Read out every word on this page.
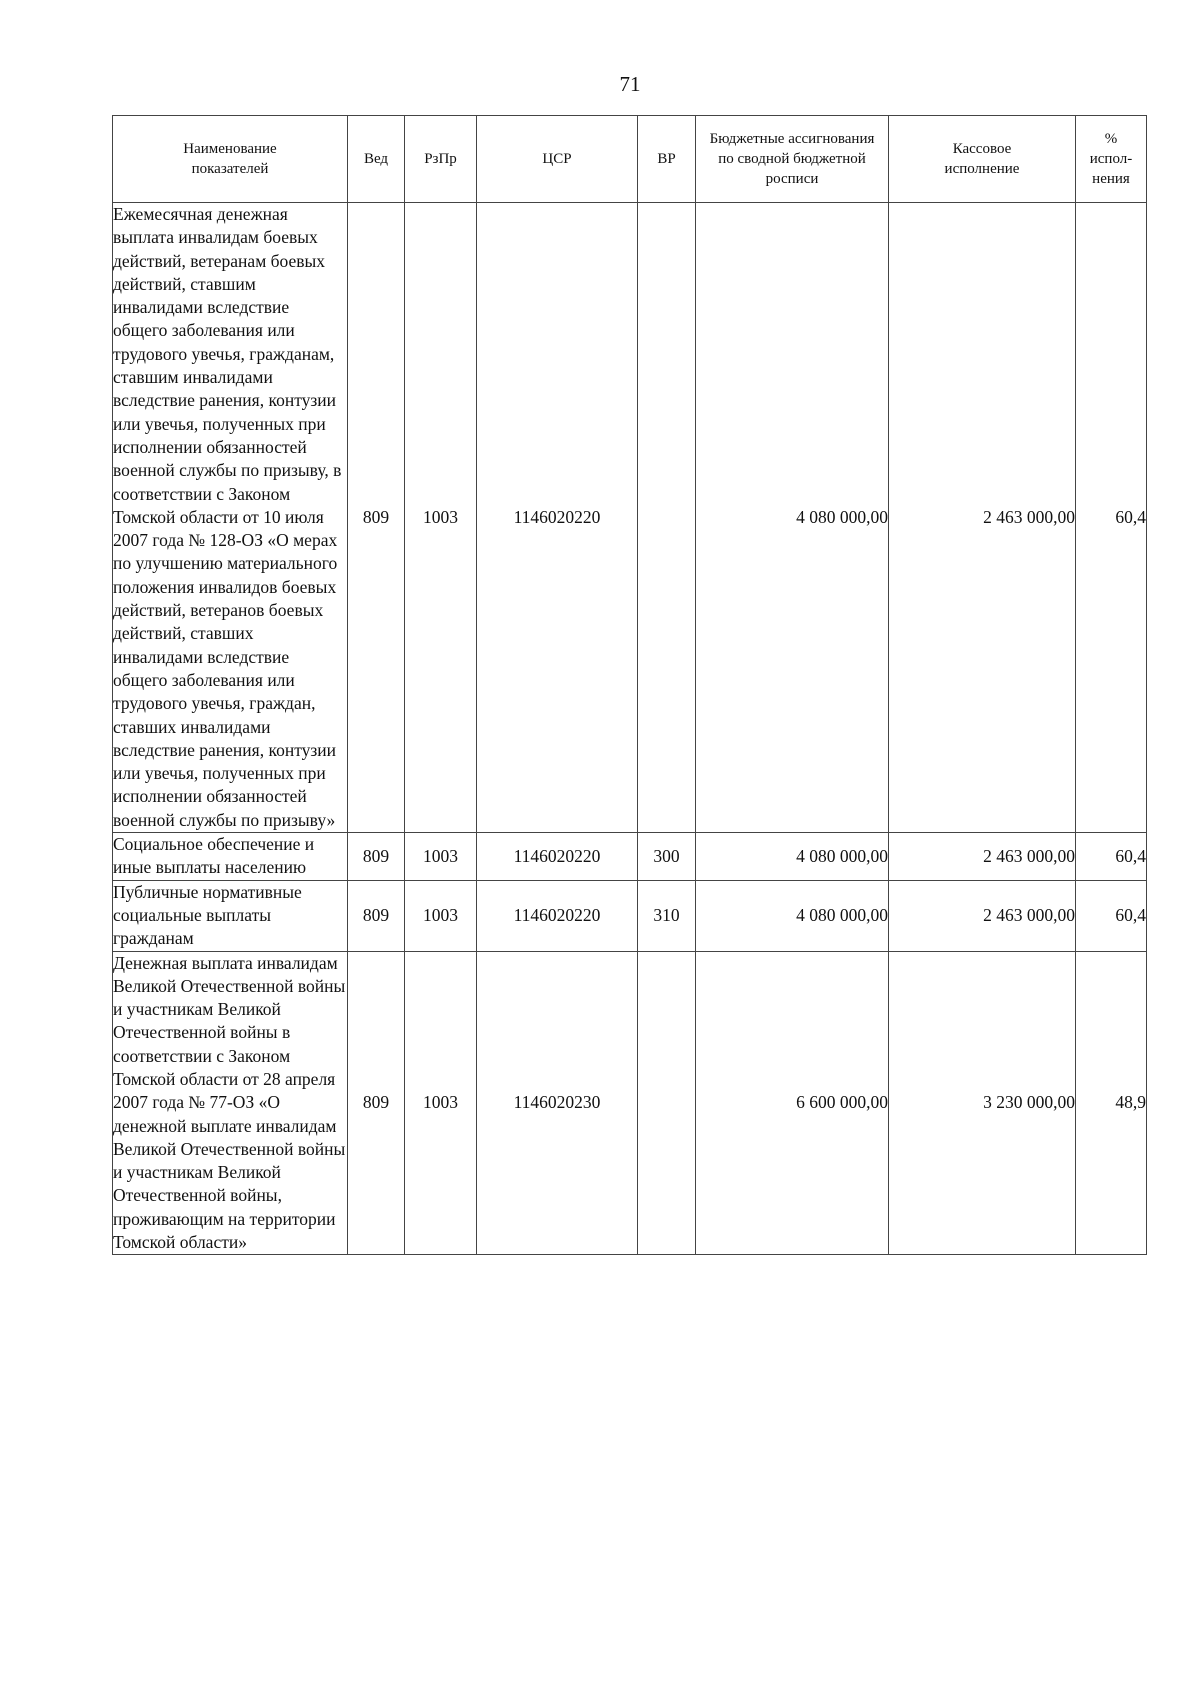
71
Наименование показателей	Вед	РзПр	ЦСР	ВР	Бюджетные ассигнования по сводной бюджетной росписи	Кассовое исполнение	% испол-нения
Ежемесячная денежная выплата инвалидам боевых действий, ветеранам боевых действий, ставшим инвалидами вследствие общего заболевания или трудового увечья, гражданам, ставшим инвалидами вследствие ранения, контузии или увечья, полученных при исполнении обязанностей военной службы по призыву, в соответствии с Законом Томской области от 10 июля 2007 года № 128-ОЗ «О мерах по улучшению материального положения инвалидов боевых действий, ветеранов боевых действий, ставших инвалидами вследствие общего заболевания или трудового увечья, граждан, ставших инвалидами вследствие ранения, контузии или увечья, полученных при исполнении обязанностей военной службы по призыву»	809	1003	1146020220		4 080 000,00	2 463 000,00	60,4
Социальное обеспечение и иные выплаты населению	809	1003	1146020220	300	4 080 000,00	2 463 000,00	60,4
Публичные нормативные социальные выплаты гражданам	809	1003	1146020220	310	4 080 000,00	2 463 000,00	60,4
Денежная выплата инвалидам Великой Отечественной войны и участникам Великой Отечественной войны в соответствии с Законом Томской области от 28 апреля 2007 года № 77-ОЗ «О денежной выплате инвалидам Великой Отечественной войны и участникам Великой Отечественной войны, проживающим на территории Томской области»	809	1003	1146020230		6 600 000,00	3 230 000,00	48,9
